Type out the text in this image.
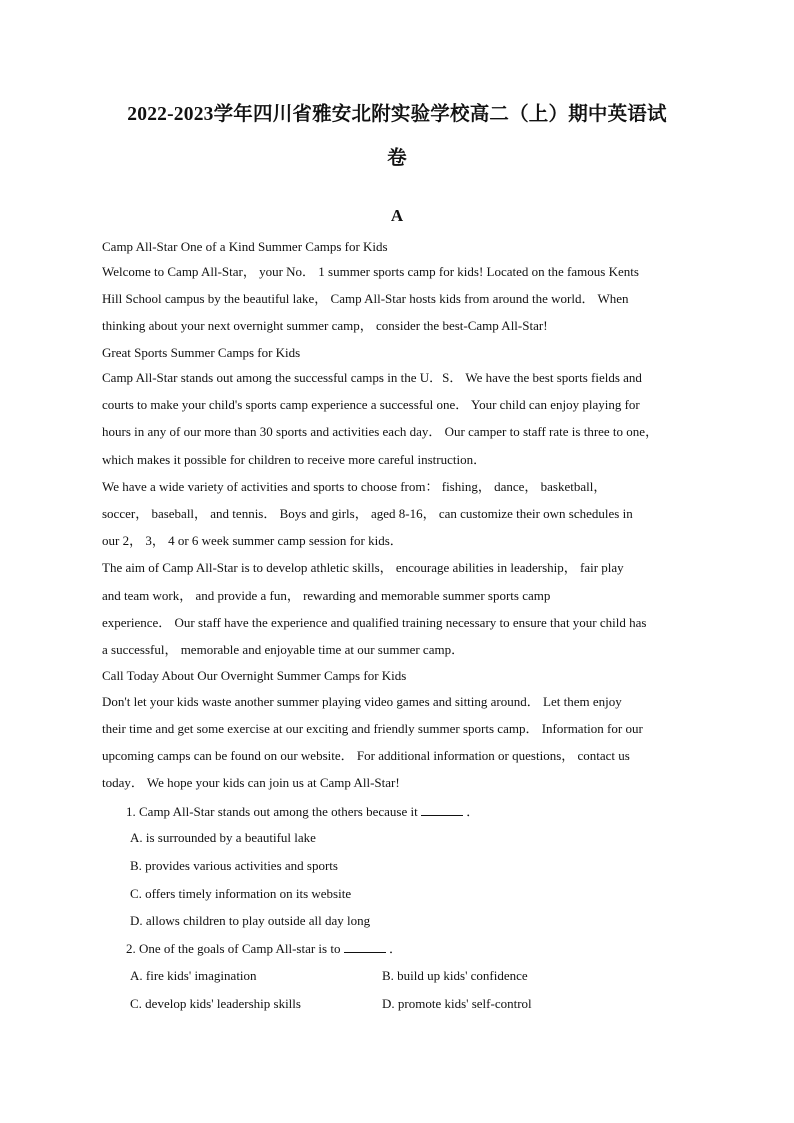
2022-2023学年四川省雅安北附实验学校高二（上）期中英语试
卷
A
Camp All-Star One of a Kind Summer Camps for Kids
Welcome to Camp All-Star， your No． 1 summer sports camp for kids! Located on the famous Kents
Hill School campus by the beautiful lake， Camp All-Star hosts kids from around the world． When
thinking about your next overnight summer camp， consider the best-Camp All-Star!
Great Sports Summer Camps for Kids
Camp All-Star stands out among the successful camps in the U．S． We have the best sports fields and
courts to make your child's sports camp experience a successful one． Your child can enjoy playing for
hours in any of our more than 30 sports and activities each day． Our camper to staff rate is three to one，
which makes it possible for children to receive more careful instruction．
We have a wide variety of activities and sports to choose from： fishing， dance， basketball，
soccer， baseball， and tennis． Boys and girls， aged 8-16， can customize their own schedules in
our 2， 3， 4 or 6 week summer camp session for kids．
The aim of Camp All-Star is to develop athletic skills， encourage abilities in leadership， fair play
and team work， and provide a fun， rewarding and memorable summer sports camp
experience． Our staff have the experience and qualified training necessary to ensure that your child has
a successful， memorable and enjoyable time at our summer camp．
Call Today About Our Overnight Summer Camps for Kids
Don't let your kids waste another summer playing video games and sitting around． Let them enjoy
their time and get some exercise at our exciting and friendly summer sports camp． Information for our
upcoming camps can be found on our website． For additional information or questions， contact us
today． We hope your kids can join us at Camp All-Star!
1. Camp All-Star stands out among the others because it	．
A. is surrounded by a beautiful lake
B. provides various activities and sports
C. offers timely information on its website
D. allows children to play outside all day long
2. One of the goals of Camp All-star is to	．
A. fire kids' imagination	B. build up kids' confidence
C. develop kids' leadership skills	D. promote kids' self-control
